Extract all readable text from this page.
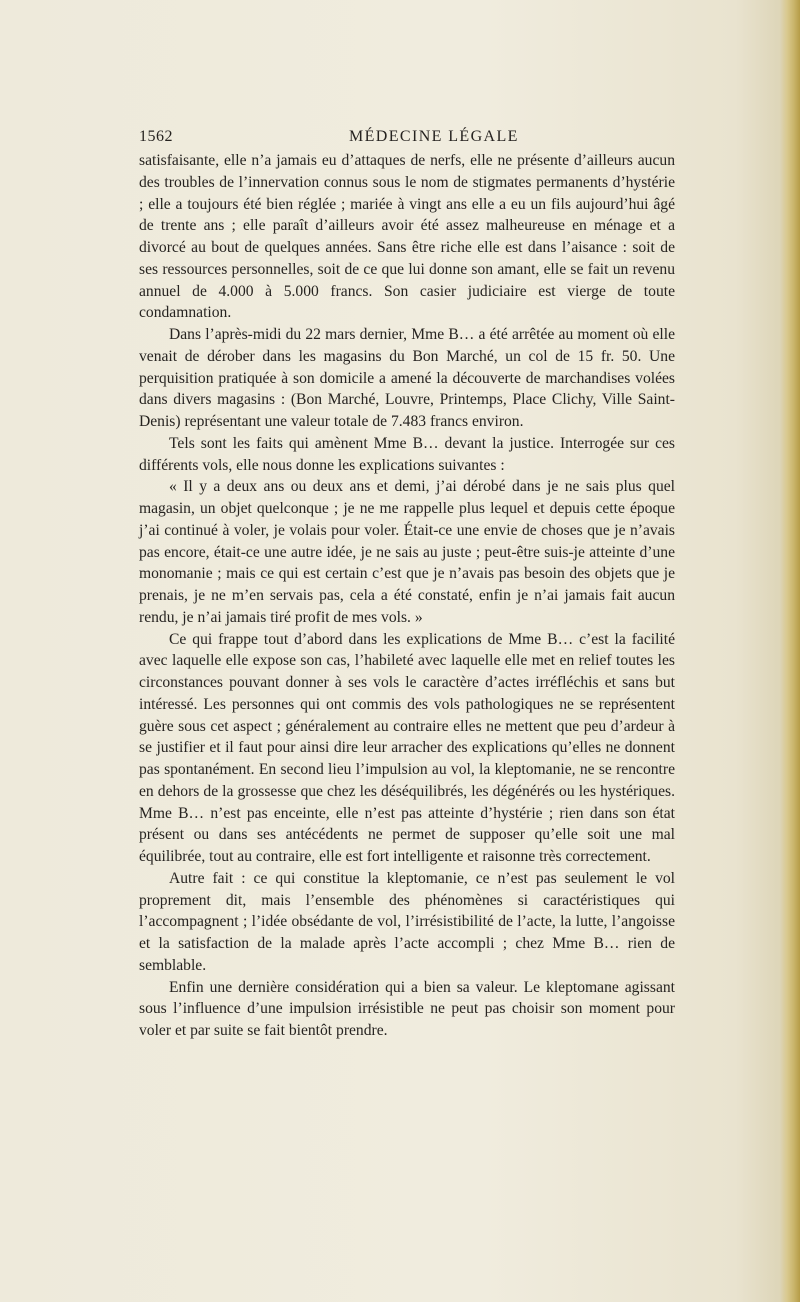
1562	MÉDECINE LÉGALE

satisfaisante, elle n’a jamais eu d’attaques de nerfs, elle ne présente d’ailleurs aucun des troubles de l’innervation connus sous le nom de stigmates permanents d’hystérie ; elle a toujours été bien réglée ; mariée à vingt ans elle a eu un fils aujourd’hui âgé de trente ans ; elle paraît d’ailleurs avoir été assez malheureuse en ménage et a divorcé au bout de quelques années. Sans être riche elle est dans l’aisance : soit de ses ressources personnelles, soit de ce que lui donne son amant, elle se fait un revenu annuel de 4.000 à 5.000 francs. Son casier judiciaire est vierge de toute condamnation.

Dans l’après-midi du 22 mars dernier, Mme B… a été arrêtée au moment où elle venait de dérober dans les magasins du Bon Marché, un col de 15 fr. 50. Une perquisition pratiquée à son domicile a amené la découverte de marchandises volées dans divers magasins : (Bon Marché, Louvre, Printemps, Place Clichy, Ville Saint-Denis) représentant une valeur totale de 7.483 francs environ.

Tels sont les faits qui amènent Mme B… devant la justice. Interrogée sur ces différents vols, elle nous donne les explications suivantes :

« Il y a deux ans ou deux ans et demi, j’ai dérobé dans je ne sais plus quel magasin, un objet quelconque ; je ne me rappelle plus lequel et depuis cette époque j’ai continué à voler, je volais pour voler. Était-ce une envie de choses que je n’avais pas encore, était-ce une autre idée, je ne sais au juste ; peut-être suis-je atteinte d’une monomanie ; mais ce qui est certain c’est que je n’avais pas besoin des objets que je prenais, je ne m’en servais pas, cela a été constaté, enfin je n’ai jamais fait aucun rendu, je n’ai jamais tiré profit de mes vols. »

Ce qui frappe tout d’abord dans les explications de Mme B… c’est la facilité avec laquelle elle expose son cas, l’habileté avec laquelle elle met en relief toutes les circonstances pouvant donner à ses vols le caractère d’actes irréfléchis et sans but intéressé. Les personnes qui ont commis des vols pathologiques ne se représentent guère sous cet aspect ; généralement au contraire elles ne mettent que peu d’ardeur à se justifier et il faut pour ainsi dire leur arracher des explications qu’elles ne donnent pas spontanément. En second lieu l’impulsion au vol, la kleptomanie, ne se rencontre en dehors de la grossesse que chez les déséquilibrés, les dégénérés ou les hystériques. Mme B… n’est pas enceinte, elle n’est pas atteinte d’hystérie ; rien dans son état présent ou dans ses antécédents ne permet de supposer qu’elle soit une mal équilibrée, tout au contraire, elle est fort intelligente et raisonne très correctement.

Autre fait : ce qui constitue la kleptomanie, ce n’est pas seulement le vol proprement dit, mais l’ensemble des phénomènes si caractéristiques qui l’accompagnent ; l’idée obsédante de vol, l’irrésistibilité de l’acte, la lutte, l’angoisse et la satisfaction de la malade après l’acte accompli ; chez Mme B… rien de semblable.

Enfin une dernière considération qui a bien sa valeur. Le kleptomane agissant sous l’influence d’une impulsion irrésistible ne peut pas choisir son moment pour voler et par suite se fait bientôt prendre.
